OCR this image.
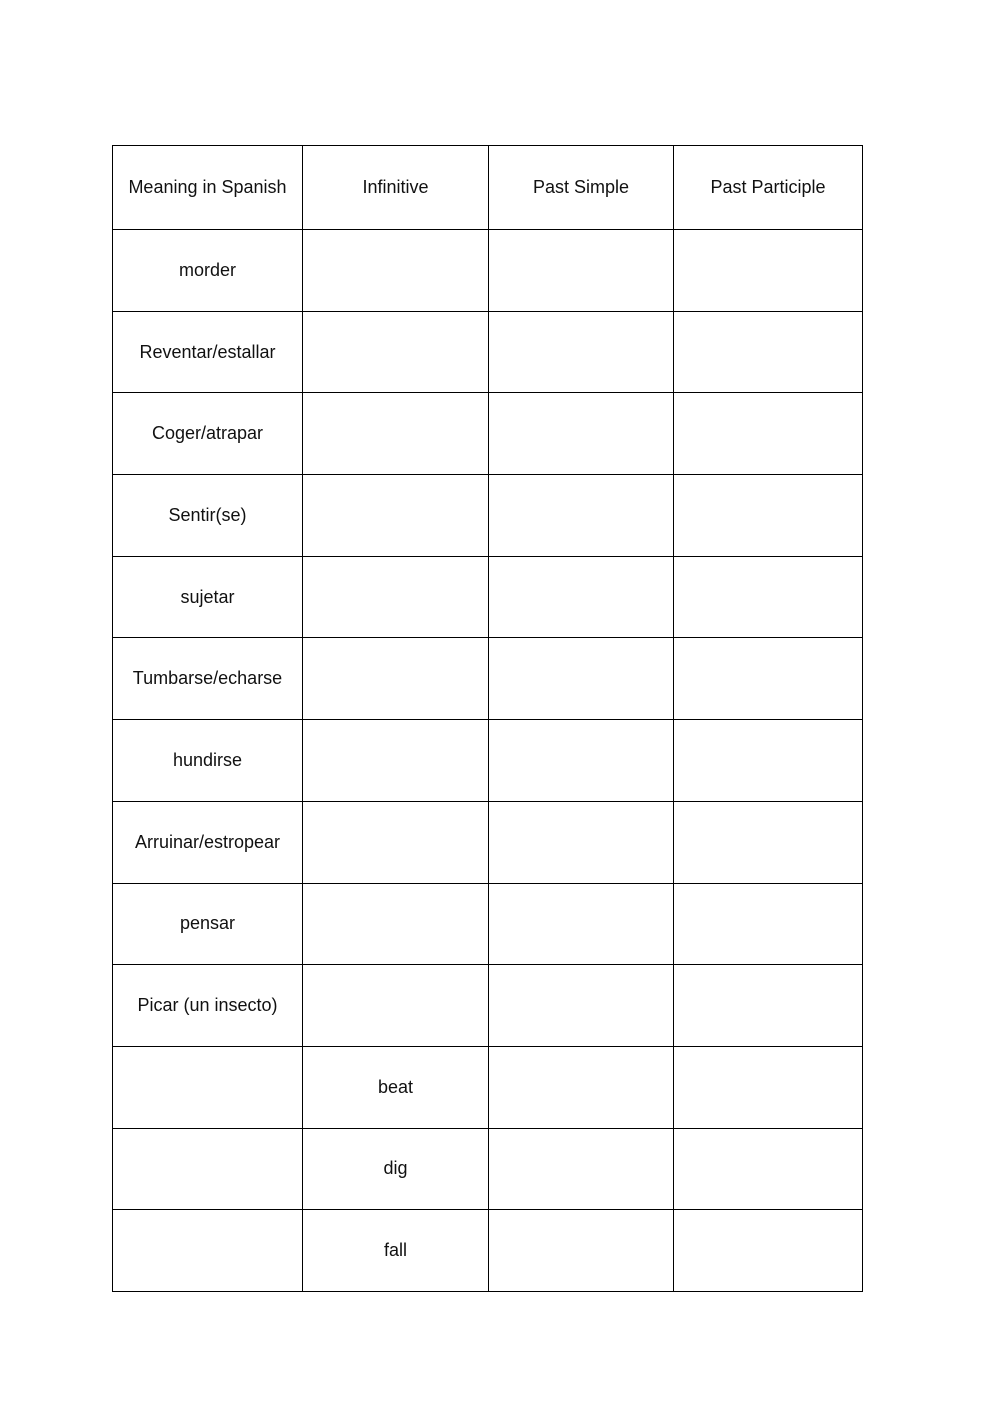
Meaning in Spanish	Infinitive	Past Simple	Past Participle
morder			
Reventar/estallar			
Coger/atrapar			
Sentir(se)			
sujetar			
Tumbarse/echarse			
hundirse			
Arruinar/estropear			
pensar			
Picar (un insecto)			
	beat		
	dig		
	fall		
